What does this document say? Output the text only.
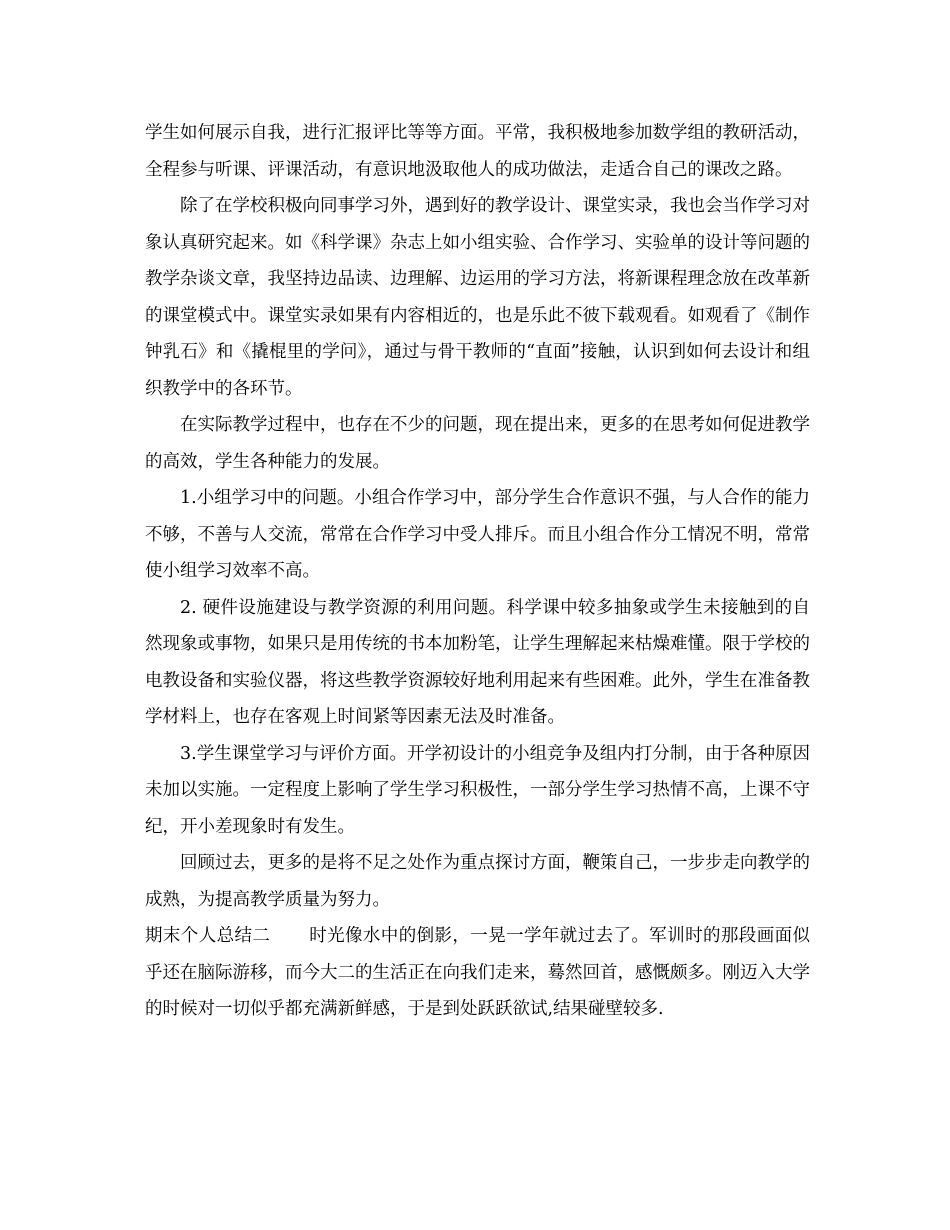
学生如何展示自我，进行汇报评比等等方面。平常，我积极地参加数学组的教研活动，全程参与听课、评课活动，有意识地汲取他人的成功做法，走适合自己的课改之路。

除了在学校积极向同事学习外，遇到好的教学设计、课堂实录，我也会当作学习对象认真研究起来。如《科学课》杂志上如小组实验、合作学习、实验单的设计等问题的教学杂谈文章，我坚持边品读、边理解、边运用的学习方法，将新课程理念放在改革新的课堂模式中。课堂实录如果有内容相近的，也是乐此不彼下载观看。如观看了《制作钟乳石》和《撬棍里的学问》，通过与骨干教师的“直面”接触，认识到如何去设计和组织教学中的各环节。

在实际教学过程中，也存在不少的问题，现在提出来，更多的在思考如何促进教学的高效，学生各种能力的发展。

1.小组学习中的问题。小组合作学习中，部分学生合作意识不强，与人合作的能力不够，不善与人交流，常常在合作学习中受人排斥。而且小组合作分工情况不明，常常使小组学习效率不高。

2. 硬件设施建设与教学资源的利用问题。科学课中较多抽象或学生未接触到的自然现象或事物，如果只是用传统的书本加粉笔，让学生理解起来枯燥难懂。限于学校的电教设备和实验仪器，将这些教学资源较好地利用起来有些困难。此外，学生在准备教学材料上，也存在客观上时间紧等因素无法及时准备。

3.学生课堂学习与评价方面。开学初设计的小组竞争及组内打分制，由于各种原因未加以实施。一定程度上影响了学生学习积极性，一部分学生学习热情不高，上课不守纪，开小差现象时有发生。

回顾过去，更多的是将不足之处作为重点探讨方面，鞭策自己，一步步走向教学的成熟，为提高教学质量为努力。

期末个人总结二 时光像水中的倒影，一晃一学年就过去了。军训时的那段画面似乎还在脑际游移，而今大二的生活正在向我们走来，蓦然回首，感慨颇多。刚迈入大学的时候对一切似乎都充满新鲜感，于是到处跃跃欲试,结果碰壁较多.
